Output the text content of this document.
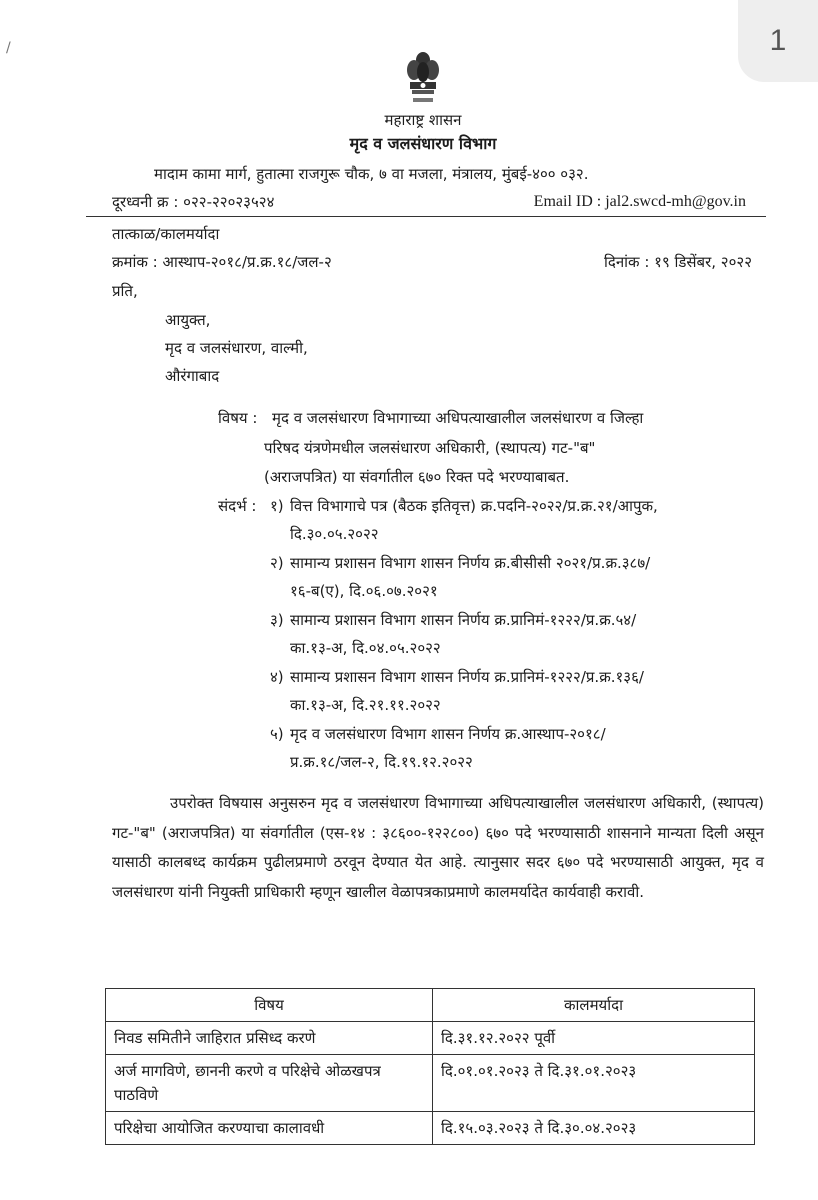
1
/
महाराष्ट्र शासन
मृद व जलसंधारण विभाग
मादाम कामा मार्ग, हुतात्मा राजगुरू चौक, ७ वा मजला, मंत्रालय, मुंबई-४०० ०३२.
दूरध्वनी क्र : ०२२-२२०२३५२४	Email ID : jal2.swcd-mh@gov.in
तात्काळ/कालमर्यादा
क्रमांक : आस्थाप-२०१८/प्र.क्र.१८/जल-२	दिनांक : १९ डिसेंबर, २०२२
प्रति,
आयुक्त,
मृद व जलसंधारण, वाल्मी,
औरंगाबाद
विषय : मृद व जलसंधारण विभागाच्या अधिपत्याखालील जलसंधारण व जिल्हा
परिषद यंत्रणेमधील जलसंधारण अधिकारी, (स्थापत्य) गट-"ब"
(अराजपत्रित) या संवर्गातील ६७० रिक्त पदे भरण्याबाबत.
संदर्भ : १) वित्त विभागाचे पत्र (बैठक इतिवृत्त) क्र.पदनि-२०२२/प्र.क्र.२१/आपुक,
दि.३०.०५.२०२२
२) सामान्य प्रशासन विभाग शासन निर्णय क्र.बीसीसी २०२१/प्र.क्र.३८७/
१६-ब(ए), दि.०६.०७.२०२१
३) सामान्य प्रशासन विभाग शासन निर्णय क्र.प्रानिमं-१२२२/प्र.क्र.५४/
का.१३-अ, दि.०४.०५.२०२२
४) सामान्य प्रशासन विभाग शासन निर्णय क्र.प्रानिमं-१२२२/प्र.क्र.१३६/
का.१३-अ, दि.२१.११.२०२२
५) मृद व जलसंधारण विभाग शासन निर्णय क्र.आस्थाप-२०१८/
प्र.क्र.१८/जल-२, दि.१९.१२.२०२२

उपरोक्त विषयास अनुसरुन मृद व जलसंधारण विभागाच्या अधिपत्याखालील जलसंधारण अधिकारी, (स्थापत्य) गट-"ब" (अराजपत्रित) या संवर्गातील (एस-१४ : ३८६००-१२२८००) ६७० पदे भरण्यासाठी शासनाने मान्यता दिली असून यासाठी कालबध्द कार्यक्रम पुढीलप्रमाणे ठरवून देण्यात येत आहे. त्यानुसार सदर ६७० पदे भरण्यासाठी आयुक्त, मृद व जलसंधारण यांनी नियुक्ती प्राधिकारी म्हणून खालील वेळापत्रकाप्रमाणे कालमर्यादेत कार्यवाही करावी.

विषय	कालमर्यादा
निवड समितीने जाहिरात प्रसिध्द करणे	दि.३१.१२.२०२२ पूर्वी
अर्ज मागविणे, छाननी करणे व परिक्षेचे ओळखपत्र पाठविणे	दि.०१.०१.२०२३ ते दि.३१.०१.२०२३
परिक्षेचा आयोजित करण्याचा कालावधी	दि.१५.०३.२०२३ ते दि.३०.०४.२०२३
